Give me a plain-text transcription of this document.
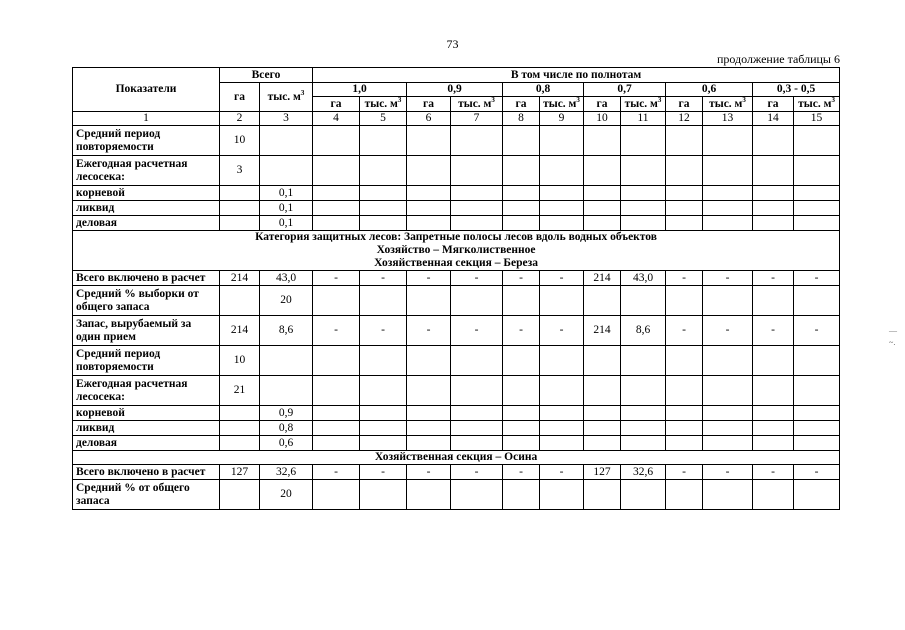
73
продолжение таблицы 6
Показатели	Всего		В том числе по полнотам											
	га	тыс. $м^3$	1,0		0,9		0,8		0,7		0,6		0,3 - 0,5	
			га	тыс. $м^3$	га	тыс. $м^3$	га	тыс. $м^3$	га	тыс. $м^3$	га	тыс. $м^3$	га	тыс. $м^3$
1	2	3	4	5	6	7	8	9	10	11	12	13	14	15
Средний период повторяемости	10													
Ежегодная расчетная лесосека:	3													
корневой		0,1												
ликвид		0,1												
деловая		0,1												

Категория защитных лесов: Запретные полосы лесов вдоль водных объектов
Хозяйство – Мягколиственное
Хозяйственная секция – Береза														

Всего включено в расчет	214	43,0	-	-	-	-	-	-	214	43,0	-	-	-	-
Средний % выборки от общего запаса		20												
Запас, вырубаемый за один прием	214	8,6	-	-	-	-	-	-	214	8,6	-	-	-	-
Средний период повторяемости	10													
Ежегодная расчетная лесосека:	21													
корневой		0,9												
ликвид		0,8												
деловая		0,6												

Хозяйственная секция – Осина														

Всего включено в расчет	127	32,6	-	-	-	-	-	-	127	32,6	-	-	-	-
Средний % от общего запаса		20												
—
~.
